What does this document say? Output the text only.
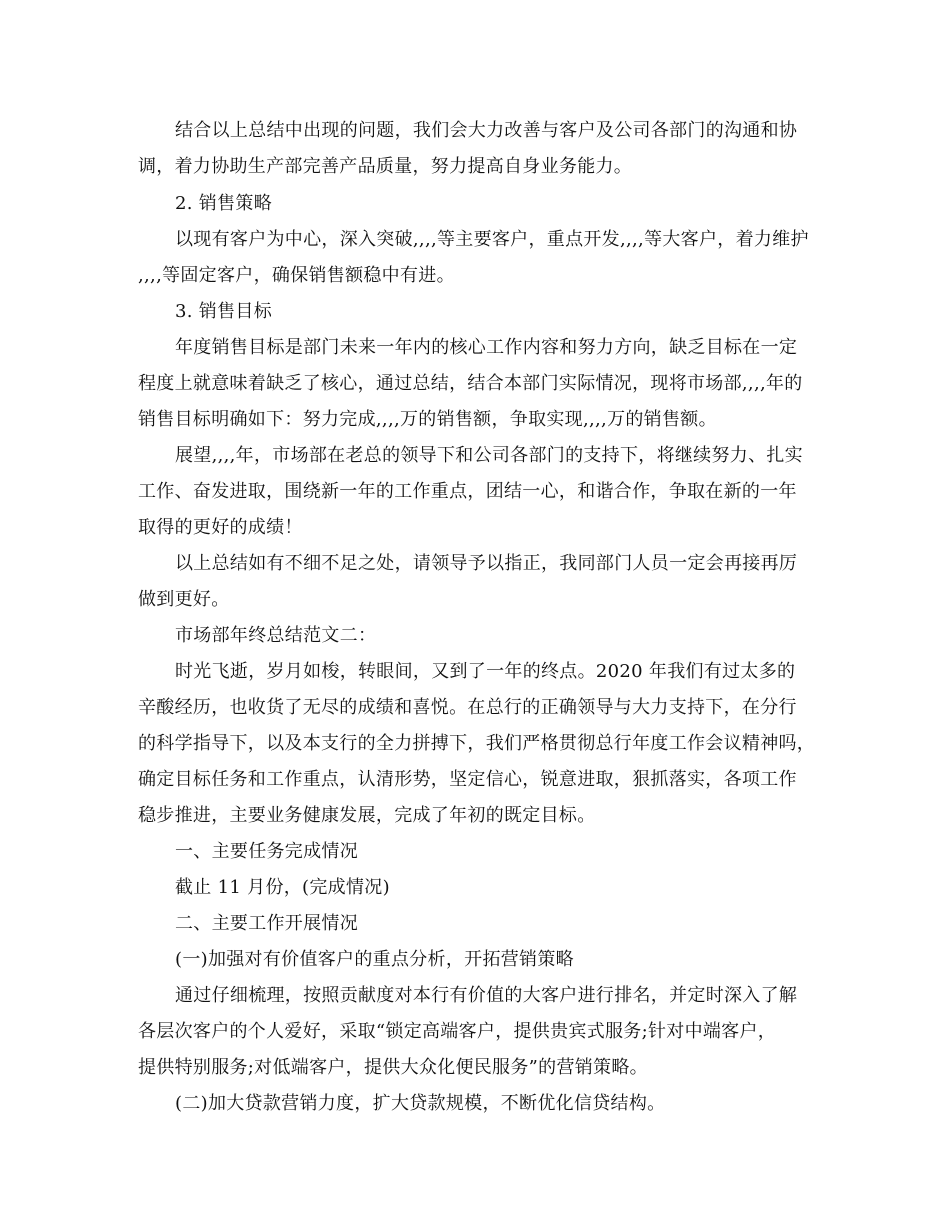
结合以上总结中出现的问题，我们会大力改善与客户及公司各部门的沟通和协
调，着力协助生产部完善产品质量，努力提高自身业务能力。
2. 销售策略
以现有客户为中心，深入突破,,,,等主要客户，重点开发,,,,等大客户，着力维护
,,,,等固定客户，确保销售额稳中有进。
3. 销售目标
年度销售目标是部门未来一年内的核心工作内容和努力方向，缺乏目标在一定
程度上就意味着缺乏了核心，通过总结，结合本部门实际情况，现将市场部,,,,年的
销售目标明确如下：努力完成,,,,万的销售额，争取实现,,,,万的销售额。
展望,,,,年，市场部在老总的领导下和公司各部门的支持下，将继续努力、扎实
工作、奋发进取，围绕新一年的工作重点，团结一心，和谐合作，争取在新的一年
取得的更好的成绩！
以上总结如有不细不足之处，请领导予以指正，我同部门人员一定会再接再厉
做到更好。
市场部年终总结范文二：
时光飞逝，岁月如梭，转眼间，又到了一年的终点。2020 年我们有过太多的
辛酸经历，也收货了无尽的成绩和喜悦。在总行的正确领导与大力支持下，在分行
的科学指导下，以及本支行的全力拼搏下，我们严格贯彻总行年度工作会议精神吗，
确定目标任务和工作重点，认清形势，坚定信心，锐意进取，狠抓落实，各项工作
稳步推进，主要业务健康发展，完成了年初的既定目标。
一、主要任务完成情况
截止 11 月份，(完成情况)
二、主要工作开展情况
(一)加强对有价值客户的重点分析，开拓营销策略
通过仔细梳理，按照贡献度对本行有价值的大客户进行排名，并定时深入了解
各层次客户的个人爱好，采取“锁定高端客户，提供贵宾式服务;针对中端客户，
提供特别服务;对低端客户，提供大众化便民服务”的营销策略。
(二)加大贷款营销力度，扩大贷款规模，不断优化信贷结构。
